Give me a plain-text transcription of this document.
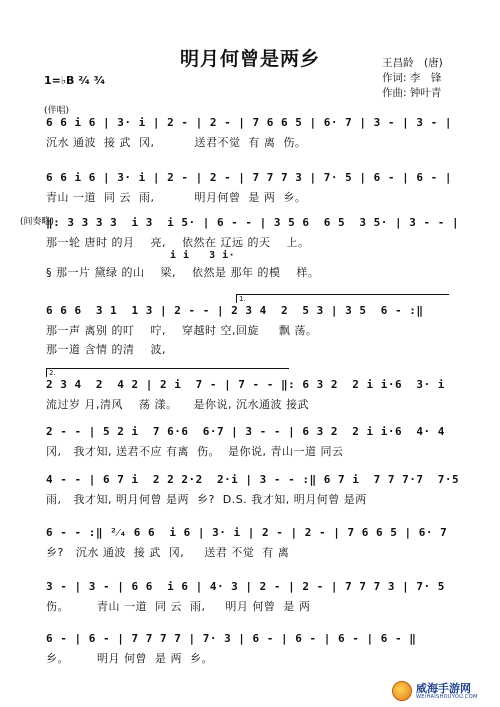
明月何曾是两乡	王昌龄　(唐)
作词: 李　锋
作曲: 钟叶青
1=♭B ²⁄₄ ³⁄₄
(伴唱)
(间奏略)
6 6 i 6 | 3· i | 2 - | 2 - | 7 6 6 5 | 6· 7 | 3 - | 3 - |
沉水 通波  接 武  冈,          送君不觉  有 离  伤。
6 6 i 6 | 3· i | 2 - | 2 - | 7 7 7 3 | 7· 5 | 6 - | 6 - |
青山 一道  同 云  雨,          明月何曾  是 两  乡。
‖: 3 3 3 3  i 3  i 5· | 6 - - | 3 5 6  6 5  3 5· | 3 - - |
那一轮 唐时 的月    亮,    依然在 辽远 的天    上。
i i   3 i·
§ 那一片 黛绿 的山    梁,    依然是 那年 的模    样。
1.
6 6 6  3 1  1 3 | 2 - - | 2 3 4  2  5 3 | 3 5  6 - :‖
那一声 离别 的叮    咛,    穿越时 空,回旋     飘 荡。
那一道 含情 的清    波,
2.
2 3 4  2  4 2 | 2 i  7 - | 7 - - ‖: 6 3 2  2 i i·6  3· i
流过岁 月,清风    荡 漾。    是你说, 沉水通波 接武
2 - - | 5 2 i  7 6·6  6·7 | 3 - - | 6 3 2  2 i i·6  4· 4
冈,   我才知, 送君不应 有离  伤。  是你说, 青山一道 同云
4 - - | 6 7 i  2 2 2·2  2·i | 3 - - :‖ 6 7 i  7 7 7·7  7·5
雨,   我才知, 明月何曾 是两  乡?  D.S. 我才知, 明月何曾 是两
6 - - :‖ ²⁄₄ 6 6  i 6 | 3· i | 2 - | 2 - | 7 6 6 5 | 6· 7
乡?   沉水 通波  接 武  冈,     送君 不觉  有 离
3 - | 3 - | 6 6  i 6 | 4· 3 | 2 - | 2 - | 7 7 7 3 | 7· 5
伤。       青山 一道  同 云  雨,     明月 何曾  是 两
6 - | 6 - | 7 7 7 7 | 7· 3 | 6 - | 6 - | 6 - | 6 - ‖
乡。       明月 何曾  是 两  乡。
威海手游网
WEIHAISHOUYOU.COM
